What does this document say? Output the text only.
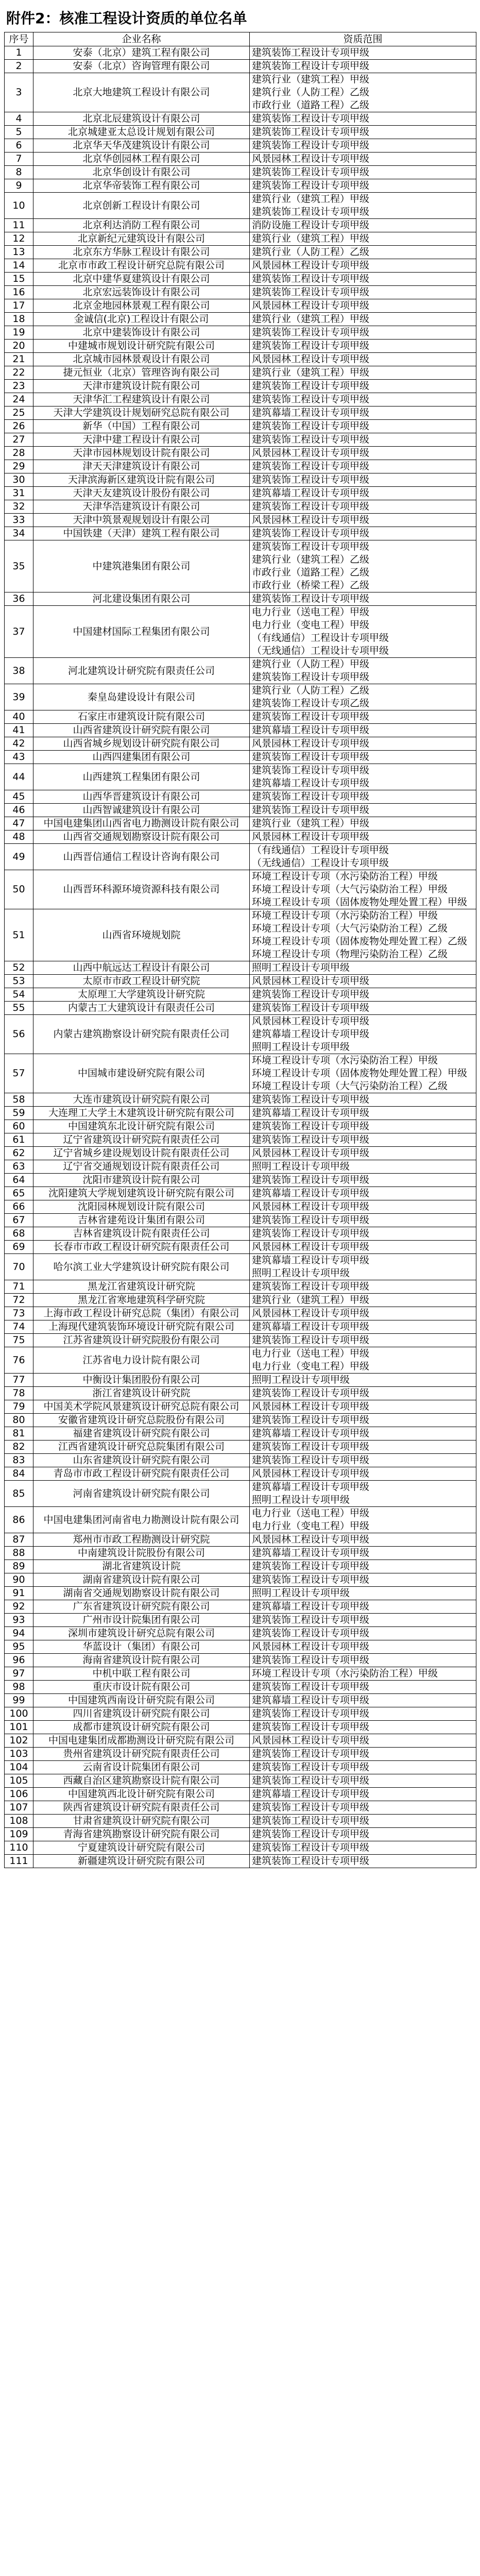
附件2：核准工程设计资质的单位名单
序号	企业名称	资质范围
1	安泰（北京）建筑工程有限公司	建筑装饰工程设计专项甲级

2	安泰（北京）咨询管理有限公司	建筑装饰工程设计专项甲级

3	北京大地建筑工程设计有限公司	建筑行业（建筑工程）甲级
建筑行业（人防工程）乙级
市政行业（道路工程）乙级

4	北京北辰建筑设计有限公司	建筑装饰工程设计专项甲级

5	北京城建亚太总设计规划有限公司	建筑装饰工程设计专项甲级

6	北京华天华茂建筑设计有限公司	建筑装饰工程设计专项甲级

7	北京华创园林工程有限公司	风景园林工程设计专项甲级

8	北京华创设计有限公司	建筑装饰工程设计专项甲级

9	北京华帝装饰工程有限公司	建筑装饰工程设计专项甲级

10	北京创新工程设计有限公司	建筑行业（建筑工程）甲级
建筑装饰工程设计专项甲级

11	北京利达消防工程有限公司	消防设施工程设计专项甲级

12	北京新纪元建筑设计有限公司	建筑行业（建筑工程）甲级

13	北京东方华脉工程设计有限公司	建筑行业（人防工程）乙级

14	北京市市政工程设计研究总院有限公司	风景园林工程设计专项甲级

15	北京中建华夏建筑设计有限公司	建筑装饰工程设计专项甲级

16	北京宏远装饰设计有限公司	建筑装饰工程设计专项甲级

17	北京金地园林景观工程有限公司	风景园林工程设计专项甲级

18	金诚信(北京)工程设计有限公司	建筑行业（建筑工程）甲级

19	北京中建装饰设计有限公司	建筑装饰工程设计专项甲级

20	中建城市规划设计研究院有限公司	建筑装饰工程设计专项甲级

21	北京城市园林景观设计有限公司	风景园林工程设计专项甲级

22	捷元恒业（北京）管理咨询有限公司	建筑行业（建筑工程）甲级

23	天津市建筑设计院有限公司	建筑装饰工程设计专项甲级

24	天津华汇工程建筑设计有限公司	建筑装饰工程设计专项甲级

25	天津大学建筑设计规划研究总院有限公司	建筑幕墙工程设计专项甲级

26	新华（中国）工程有限公司	建筑装饰工程设计专项甲级

27	天津中建工程设计有限公司	建筑装饰工程设计专项甲级

28	天津市园林规划设计院有限公司	风景园林工程设计专项甲级

29	津天天津建筑设计有限公司	建筑装饰工程设计专项甲级

30	天津滨海新区建筑设计院有限公司	建筑装饰工程设计专项甲级

31	天津天友建筑设计股份有限公司	建筑幕墙工程设计专项甲级

32	天津华浩建筑设计有限公司	建筑装饰工程设计专项甲级

33	天津中筑景观规划设计有限公司	风景园林工程设计专项甲级

34	中国铁建（天津）建筑工程有限公司	建筑装饰工程设计专项甲级

35	中建筑港集团有限公司	建筑装饰工程设计专项甲级
建筑行业（建筑工程）乙级
市政行业（道路工程）乙级
市政行业（桥梁工程）乙级

36	河北建设集团有限公司	建筑装饰工程设计专项甲级

37	中国建材国际工程集团有限公司	电力行业（送电工程）甲级
电力行业（变电工程）甲级
（有线通信）工程设计专项甲级
（无线通信）工程设计专项甲级

38	河北建筑设计研究院有限责任公司	建筑行业（人防工程）甲级
建筑装饰工程设计专项甲级

39	秦皇岛建设设计有限公司	建筑行业（人防工程）乙级
建筑装饰工程设计专项乙级

40	石家庄市建筑设计院有限公司	建筑装饰工程设计专项甲级

41	山西省建筑设计研究院有限公司	建筑幕墙工程设计专项甲级

42	山西省城乡规划设计研究院有限公司	风景园林工程设计专项甲级

43	山西四建集团有限公司	建筑装饰工程设计专项甲级

44	山西建筑工程集团有限公司	建筑装饰工程设计专项甲级
建筑幕墙工程设计专项甲级

45	山西华晋建筑设计有限公司	建筑装饰工程设计专项甲级

46	山西智诚建筑设计有限公司	建筑装饰工程设计专项甲级

47	中国电建集团山西省电力勘测设计院有限公司	建筑行业（建筑工程）甲级

48	山西省交通规划勘察设计院有限公司	风景园林工程设计专项甲级

49	山西晋信通信工程设计咨询有限公司	（有线通信）工程设计专项甲级
（无线通信）工程设计专项甲级

50	山西晋环科源环境资源科技有限公司	环境工程设计专项（水污染防治工程）甲级
环境工程设计专项（大气污染防治工程）甲级
环境工程设计专项（固体废物处理处置工程）甲级

51	山西省环境规划院	环境工程设计专项（水污染防治工程）甲级
环境工程设计专项（大气污染防治工程）乙级
环境工程设计专项（固体废物处理处置工程）乙级
环境工程设计专项（物理污染防治工程）乙级

52	山西中航远达工程设计有限公司	照明工程设计专项甲级

53	太原市市政工程设计研究院	风景园林工程设计专项甲级

54	太原理工大学建筑设计研究院	建筑装饰工程设计专项甲级

55	内蒙古工大建筑设计有限责任公司	建筑装饰工程设计专项甲级

56	内蒙古建筑勘察设计研究院有限责任公司	风景园林工程设计专项甲级
建筑幕墙工程设计专项甲级
照明工程设计专项甲级

57	中国城市建设研究院有限公司	环境工程设计专项（水污染防治工程）甲级
环境工程设计专项（固体废物处理处置工程）甲级
环境工程设计专项（大气污染防治工程）乙级

58	大连市建筑设计研究院有限公司	建筑装饰工程设计专项甲级

59	大连理工大学土木建筑设计研究院有限公司	建筑幕墙工程设计专项甲级

60	中国建筑东北设计研究院有限公司	建筑装饰工程设计专项甲级

61	辽宁省建筑设计研究院有限责任公司	建筑装饰工程设计专项甲级

62	辽宁省城乡建设规划设计院有限责任公司	风景园林工程设计专项甲级

63	辽宁省交通规划设计院有限责任公司	照明工程设计专项甲级

64	沈阳市建筑设计院有限公司	建筑装饰工程设计专项甲级

65	沈阳建筑大学规划建筑设计研究院有限公司	建筑幕墙工程设计专项甲级

66	沈阳园林规划设计院有限公司	风景园林工程设计专项甲级

67	吉林省建苑设计集团有限公司	建筑装饰工程设计专项甲级

68	吉林省建筑设计院有限责任公司	建筑装饰工程设计专项甲级

69	长春市市政工程设计研究院有限责任公司	风景园林工程设计专项甲级

70	哈尔滨工业大学建筑设计研究院有限公司	建筑幕墙工程设计专项甲级
照明工程设计专项甲级

71	黑龙江省建筑设计研究院	建筑装饰工程设计专项甲级

72	黑龙江省寒地建筑科学研究院	建筑行业（建筑工程）甲级

73	上海市政工程设计研究总院（集团）有限公司	风景园林工程设计专项甲级

74	上海现代建筑装饰环境设计研究院有限公司	建筑幕墙工程设计专项甲级

75	江苏省建筑设计研究院股份有限公司	建筑装饰工程设计专项甲级

76	江苏省电力设计院有限公司	电力行业（送电工程）甲级
电力行业（变电工程）甲级

77	中衡设计集团股份有限公司	照明工程设计专项甲级

78	浙江省建筑设计研究院	建筑装饰工程设计专项甲级

79	中国美术学院风景建筑设计研究总院有限公司	风景园林工程设计专项甲级

80	安徽省建筑设计研究总院股份有限公司	建筑装饰工程设计专项甲级

81	福建省建筑设计研究院有限公司	建筑幕墙工程设计专项甲级

82	江西省建筑设计研究总院集团有限公司	建筑装饰工程设计专项甲级

83	山东省建筑设计研究院有限公司	建筑装饰工程设计专项甲级

84	青岛市市政工程设计研究院有限责任公司	风景园林工程设计专项甲级

85	河南省建筑设计研究院有限公司	建筑幕墙工程设计专项甲级
照明工程设计专项甲级

86	中国电建集团河南省电力勘测设计院有限公司	电力行业（送电工程）甲级
电力行业（变电工程）甲级

87	郑州市市政工程勘测设计研究院	风景园林工程设计专项甲级

88	中南建筑设计院股份有限公司	建筑幕墙工程设计专项甲级

89	湖北省建筑设计院	建筑装饰工程设计专项甲级

90	湖南省建筑设计院有限公司	建筑装饰工程设计专项甲级

91	湖南省交通规划勘察设计院有限公司	照明工程设计专项甲级

92	广东省建筑设计研究院有限公司	建筑幕墙工程设计专项甲级

93	广州市设计院集团有限公司	建筑装饰工程设计专项甲级

94	深圳市建筑设计研究总院有限公司	建筑装饰工程设计专项甲级

95	华蓝设计（集团）有限公司	风景园林工程设计专项甲级

96	海南省建筑设计院有限公司	建筑装饰工程设计专项甲级

97	中机中联工程有限公司	环境工程设计专项（水污染防治工程）甲级

98	重庆市设计院有限公司	建筑装饰工程设计专项甲级

99	中国建筑西南设计研究院有限公司	建筑幕墙工程设计专项甲级

100	四川省建筑设计研究院有限公司	建筑装饰工程设计专项甲级

101	成都市建筑设计研究院有限公司	建筑装饰工程设计专项甲级

102	中国电建集团成都勘测设计研究院有限公司	风景园林工程设计专项甲级

103	贵州省建筑设计研究院有限责任公司	建筑装饰工程设计专项甲级

104	云南省设计院集团有限公司	建筑装饰工程设计专项甲级

105	西藏自治区建筑勘察设计院有限公司	建筑装饰工程设计专项甲级

106	中国建筑西北设计研究院有限公司	建筑幕墙工程设计专项甲级

107	陕西省建筑设计研究院有限责任公司	建筑装饰工程设计专项甲级

108	甘肃省建筑设计研究院有限公司	建筑装饰工程设计专项甲级

109	青海省建筑勘察设计研究院有限公司	建筑装饰工程设计专项甲级

110	宁夏建筑设计研究院有限公司	建筑装饰工程设计专项甲级

111	新疆建筑设计研究院有限公司	建筑装饰工程设计专项甲级
